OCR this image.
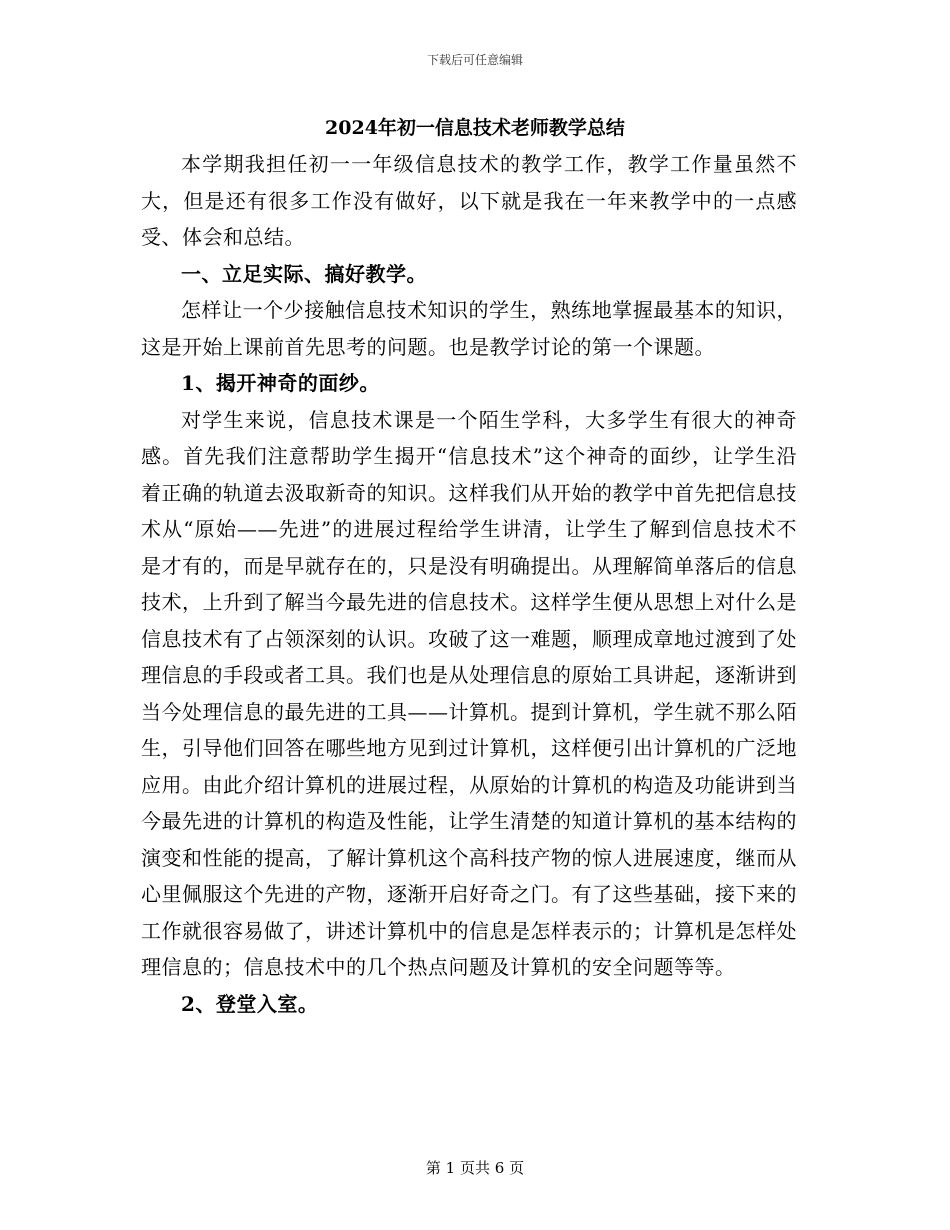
下载后可任意编辑
2024年初一信息技术老师教学总结

本学期我担任初一一年级信息技术的教学工作，教学工作量虽然不大，但是还有很多工作没有做好，以下就是我在一年来教学中的一点感受、体会和总结。

一、立足实际、搞好教学。

怎样让一个少接触信息技术知识的学生，熟练地掌握最基本的知识，这是开始上课前首先思考的问题。也是教学讨论的第一个课题。

1、揭开神奇的面纱。

对学生来说，信息技术课是一个陌生学科，大多学生有很大的神奇感。首先我们注意帮助学生揭开“信息技术”这个神奇的面纱，让学生沿着正确的轨道去汲取新奇的知识。这样我们从开始的教学中首先把信息技术从“原始——先进”的进展过程给学生讲清，让学生了解到信息技术不是才有的，而是早就存在的，只是没有明确提出。从理解简单落后的信息技术，上升到了解当今最先进的信息技术。这样学生便从思想上对什么是信息技术有了占领深刻的认识。攻破了这一难题，顺理成章地过渡到了处理信息的手段或者工具。我们也是从处理信息的原始工具讲起，逐渐讲到当今处理信息的最先进的工具——计算机。提到计算机，学生就不那么陌生，引导他们回答在哪些地方见到过计算机，这样便引出计算机的广泛地应用。由此介绍计算机的进展过程，从原始的计算机的构造及功能讲到当今最先进的计算机的构造及性能，让学生清楚的知道计算机的基本结构的演变和性能的提高，了解计算机这个高科技产物的惊人进展速度，继而从心里佩服这个先进的产物，逐渐开启好奇之门。有了这些基础，接下来的工作就很容易做了，讲述计算机中的信息是怎样表示的；计算机是怎样处理信息的；信息技术中的几个热点问题及计算机的安全问题等等。

2、登堂入室。

第 1 页共 6 页
